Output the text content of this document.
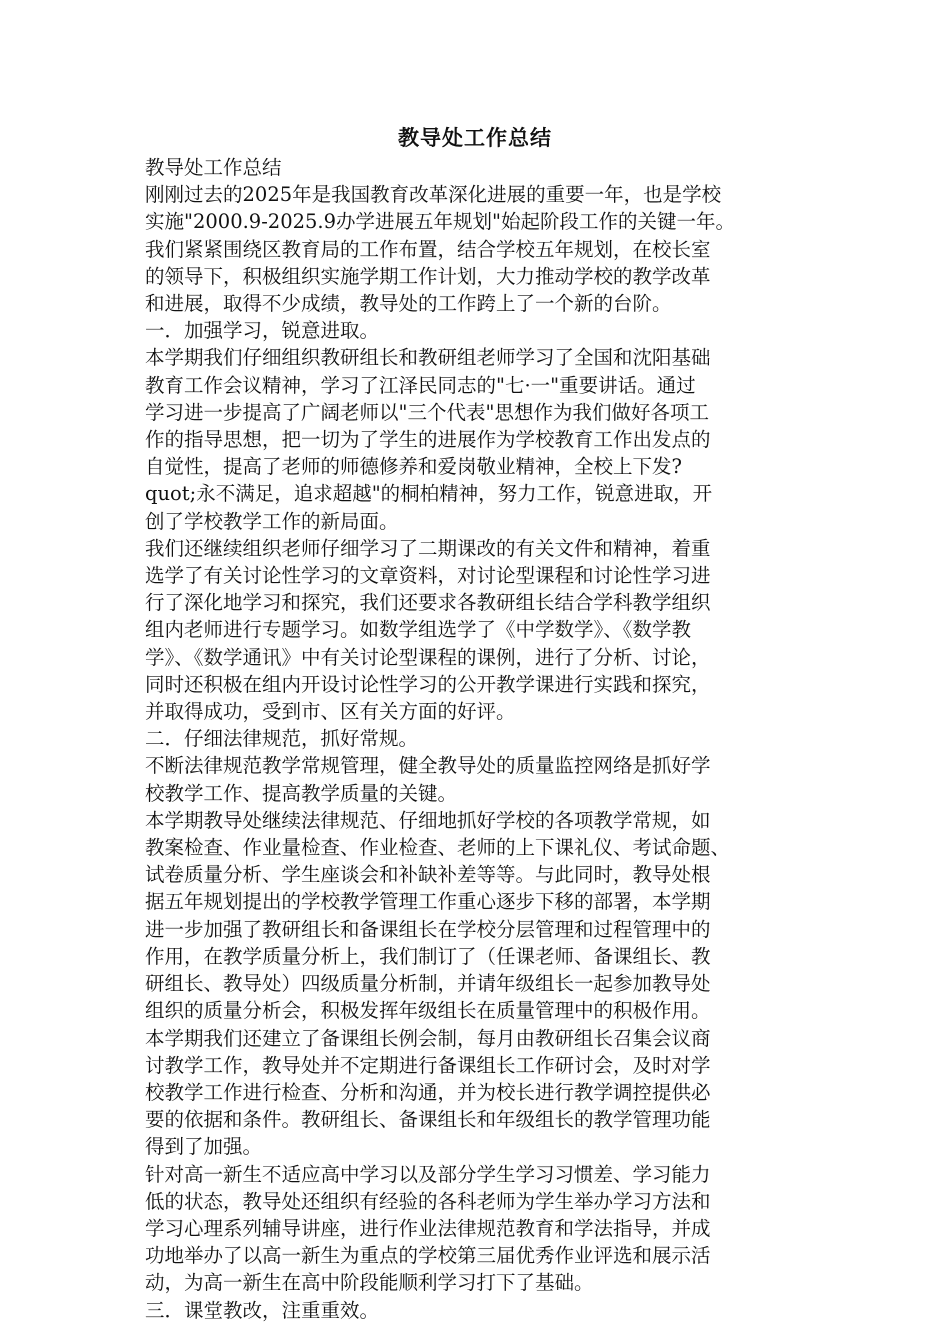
教导处工作总结

教导处工作总结

刚刚过去的2025年是我国教育改革深化进展的重要一年，也是学校

实施"2000.9-2025.9办学进展五年规划"始起阶段工作的关键一年。

我们紧紧围绕区教育局的工作布置，结合学校五年规划，在校长室

的领导下，积极组织实施学期工作计划，大力推动学校的教学改革

和进展，取得不少成绩，教导处的工作跨上了一个新的台阶。

一．加强学习，锐意进取。

本学期我们仔细组织教研组长和教研组老师学习了全国和沈阳基础

教育工作会议精神，学习了江泽民同志的"七·一"重要讲话。通过

学习进一步提高了广阔老师以"三个代表"思想作为我们做好各项工

作的指导思想，把一切为了学生的进展作为学校教育工作出发点的

自觉性，提高了老师的师德修养和爱岗敬业精神，全校上下发?

quot;永不满足，追求超越"的桐柏精神，努力工作，锐意进取，开

创了学校教学工作的新局面。

我们还继续组织老师仔细学习了二期课改的有关文件和精神，着重

选学了有关讨论性学习的文章资料，对讨论型课程和讨论性学习进

行了深化地学习和探究，我们还要求各教研组长结合学科教学组织

组内老师进行专题学习。如数学组选学了《中学数学》、《数学教

学》、《数学通讯》中有关讨论型课程的课例，进行了分析、讨论，

同时还积极在组内开设讨论性学习的公开教学课进行实践和探究，

并取得成功，受到市、区有关方面的好评。

二．仔细法律规范，抓好常规。

不断法律规范教学常规管理，健全教导处的质量监控网络是抓好学

校教学工作、提高教学质量的关键。

本学期教导处继续法律规范、仔细地抓好学校的各项教学常规，如

教案检查、作业量检查、作业检查、老师的上下课礼仪、考试命题、

试卷质量分析、学生座谈会和补缺补差等等。与此同时，教导处根

据五年规划提出的学校教学管理工作重心逐步下移的部署，本学期

进一步加强了教研组长和备课组长在学校分层管理和过程管理中的

作用，在教学质量分析上，我们制订了（任课老师、备课组长、教

研组长、教导处）四级质量分析制，并请年级组长一起参加教导处

组织的质量分析会，积极发挥年级组长在质量管理中的积极作用。

本学期我们还建立了备课组长例会制，每月由教研组长召集会议商

讨教学工作，教导处并不定期进行备课组长工作研讨会，及时对学

校教学工作进行检查、分析和沟通，并为校长进行教学调控提供必

要的依据和条件。教研组长、备课组长和年级组长的教学管理功能

得到了加强。

针对高一新生不适应高中学习以及部分学生学习习惯差、学习能力

低的状态，教导处还组织有经验的各科老师为学生举办学习方法和

学习心理系列辅导讲座，进行作业法律规范教育和学法指导，并成

功地举办了以高一新生为重点的学校第三届优秀作业评选和展示活

动，为高一新生在高中阶段能顺利学习打下了基础。

三．课堂教改，注重重效。
